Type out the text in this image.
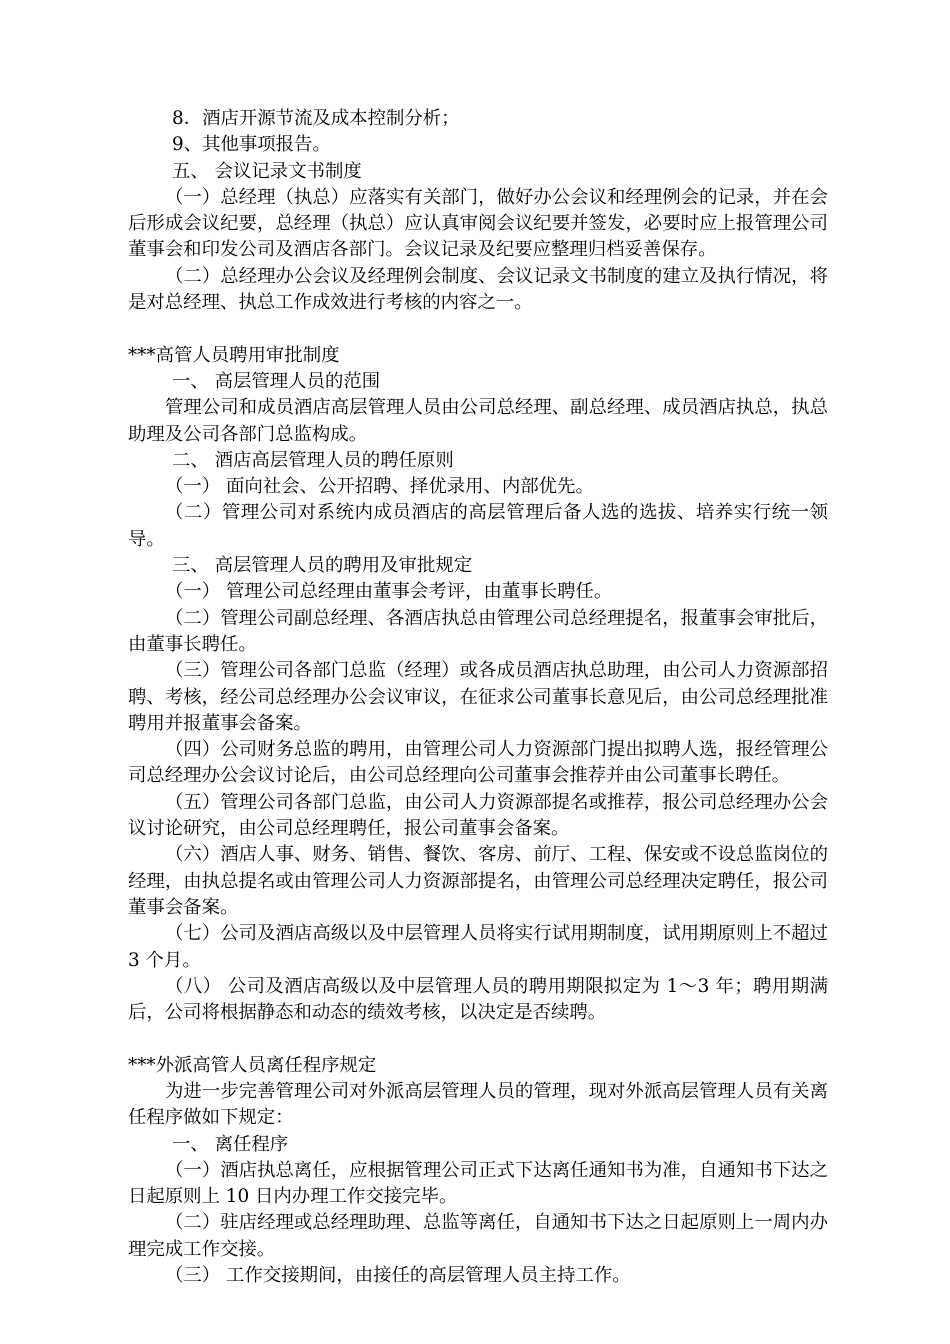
8．酒店开源节流及成本控制分析；

9、其他事项报告。

五、 会议记录文书制度

（一）总经理（执总）应落实有关部门，做好办公会议和经理例会的记录，并在会后形成会议纪要，总经理（执总）应认真审阅会议纪要并签发，必要时应上报管理公司董事会和印发公司及酒店各部门。会议记录及纪要应整理归档妥善保存。

（二）总经理办公会议及经理例会制度、会议记录文书制度的建立及执行情况，将是对总经理、执总工作成效进行考核的内容之一。

***高管人员聘用审批制度

一、 高层管理人员的范围

管理公司和成员酒店高层管理人员由公司总经理、副总经理、成员酒店执总，执总助理及公司各部门总监构成。

二、 酒店高层管理人员的聘任原则

（一） 面向社会、公开招聘、择优录用、内部优先。

（二）管理公司对系统内成员酒店的高层管理后备人选的选拔、培养实行统一领导。

三、 高层管理人员的聘用及审批规定

（一） 管理公司总经理由董事会考评，由董事长聘任。

（二）管理公司副总经理、各酒店执总由管理公司总经理提名，报董事会审批后，由董事长聘任。

（三）管理公司各部门总监（经理）或各成员酒店执总助理，由公司人力资源部招聘、考核，经公司总经理办公会议审议，在征求公司董事长意见后，由公司总经理批准聘用并报董事会备案。

（四）公司财务总监的聘用，由管理公司人力资源部门提出拟聘人选，报经管理公司总经理办公会议讨论后，由公司总经理向公司董事会推荐并由公司董事长聘任。

（五）管理公司各部门总监，由公司人力资源部提名或推荐，报公司总经理办公会议讨论研究，由公司总经理聘任，报公司董事会备案。

（六）酒店人事、财务、销售、餐饮、客房、前厅、工程、保安或不设总监岗位的经理，由执总提名或由管理公司人力资源部提名，由管理公司总经理决定聘任，报公司董事会备案。

（七）公司及酒店高级以及中层管理人员将实行试用期制度，试用期原则上不超过 3 个月。

（八） 公司及酒店高级以及中层管理人员的聘用期限拟定为 1～3 年；聘用期满后，公司将根据静态和动态的绩效考核，以决定是否续聘。

***外派高管人员离任程序规定

为进一步完善管理公司对外派高层管理人员的管理，现对外派高层管理人员有关离任程序做如下规定：

一、 离任程序

（一）酒店执总离任，应根据管理公司正式下达离任通知书为准，自通知书下达之日起原则上 10 日内办理工作交接完毕。

（二）驻店经理或总经理助理、总监等离任，自通知书下达之日起原则上一周内办理完成工作交接。

（三） 工作交接期间，由接任的高层管理人员主持工作。
